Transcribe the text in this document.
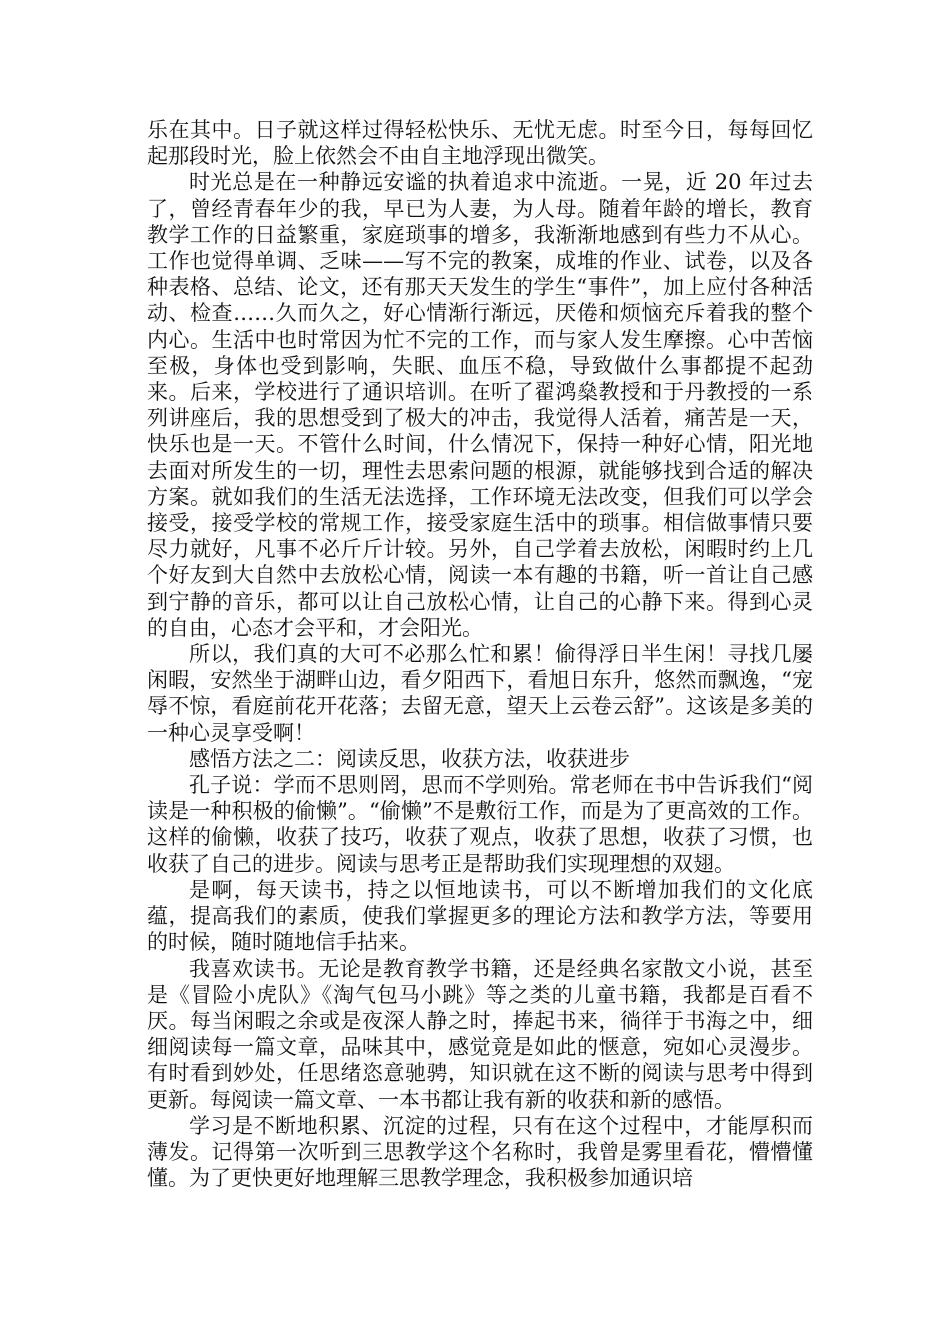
乐在其中。日子就这样过得轻松快乐、无忧无虑。时至今日，每每回忆起那段时光，脸上依然会不由自主地浮现出微笑。

时光总是在一种静远安谧的执着追求中流逝。一晃，近 20 年过去了，曾经青春年少的我，早已为人妻，为人母。随着年龄的增长，教育教学工作的日益繁重，家庭琐事的增多，我渐渐地感到有些力不从心。工作也觉得单调、乏味——写不完的教案，成堆的作业、试卷，以及各种表格、总结、论文，还有那天天发生的学生“事件”，加上应付各种活动、检查……久而久之，好心情渐行渐远，厌倦和烦恼充斥着我的整个内心。生活中也时常因为忙不完的工作，而与家人发生摩擦。心中苦恼至极，身体也受到影响，失眠、血压不稳，导致做什么事都提不起劲来。后来，学校进行了通识培训。在听了翟鸿燊教授和于丹教授的一系列讲座后，我的思想受到了极大的冲击，我觉得人活着，痛苦是一天，快乐也是一天。不管什么时间，什么情况下，保持一种好心情，阳光地去面对所发生的一切，理性去思索问题的根源，就能够找到合适的解决方案。就如我们的生活无法选择，工作环境无法改变，但我们可以学会接受，接受学校的常规工作，接受家庭生活中的琐事。相信做事情只要尽力就好，凡事不必斤斤计较。另外，自己学着去放松，闲暇时约上几个好友到大自然中去放松心情，阅读一本有趣的书籍，听一首让自己感到宁静的音乐，都可以让自己放松心情，让自己的心静下来。得到心灵的自由，心态才会平和，才会阳光。

所以，我们真的大可不必那么忙和累！偷得浮日半生闲！寻找几屡闲暇，安然坐于湖畔山边，看夕阳西下，看旭日东升，悠然而飘逸，“宠辱不惊，看庭前花开花落；去留无意，望天上云卷云舒”。这该是多美的一种心灵享受啊！

感悟方法之二：阅读反思，收获方法，收获进步

孔子说：学而不思则罔，思而不学则殆。常老师在书中告诉我们“阅读是一种积极的偷懒”。“偷懒”不是敷衍工作，而是为了更高效的工作。这样的偷懒，收获了技巧，收获了观点，收获了思想，收获了习惯，也收获了自己的进步。阅读与思考正是帮助我们实现理想的双翅。

是啊，每天读书，持之以恒地读书，可以不断增加我们的文化底蕴，提高我们的素质，使我们掌握更多的理论方法和教学方法，等要用的时候，随时随地信手拈来。

我喜欢读书。无论是教育教学书籍，还是经典名家散文小说，甚至是《冒险小虎队》《淘气包马小跳》等之类的儿童书籍，我都是百看不厌。每当闲暇之余或是夜深人静之时，捧起书来，徜徉于书海之中，细细阅读每一篇文章，品味其中，感觉竟是如此的惬意，宛如心灵漫步。有时看到妙处，任思绪恣意驰骋，知识就在这不断的阅读与思考中得到更新。每阅读一篇文章、一本书都让我有新的收获和新的感悟。

学习是不断地积累、沉淀的过程，只有在这个过程中，才能厚积而薄发。记得第一次听到三思教学这个名称时，我曾是雾里看花，懵懵懂懂。为了更快更好地理解三思教学理念，我积极参加通识培
